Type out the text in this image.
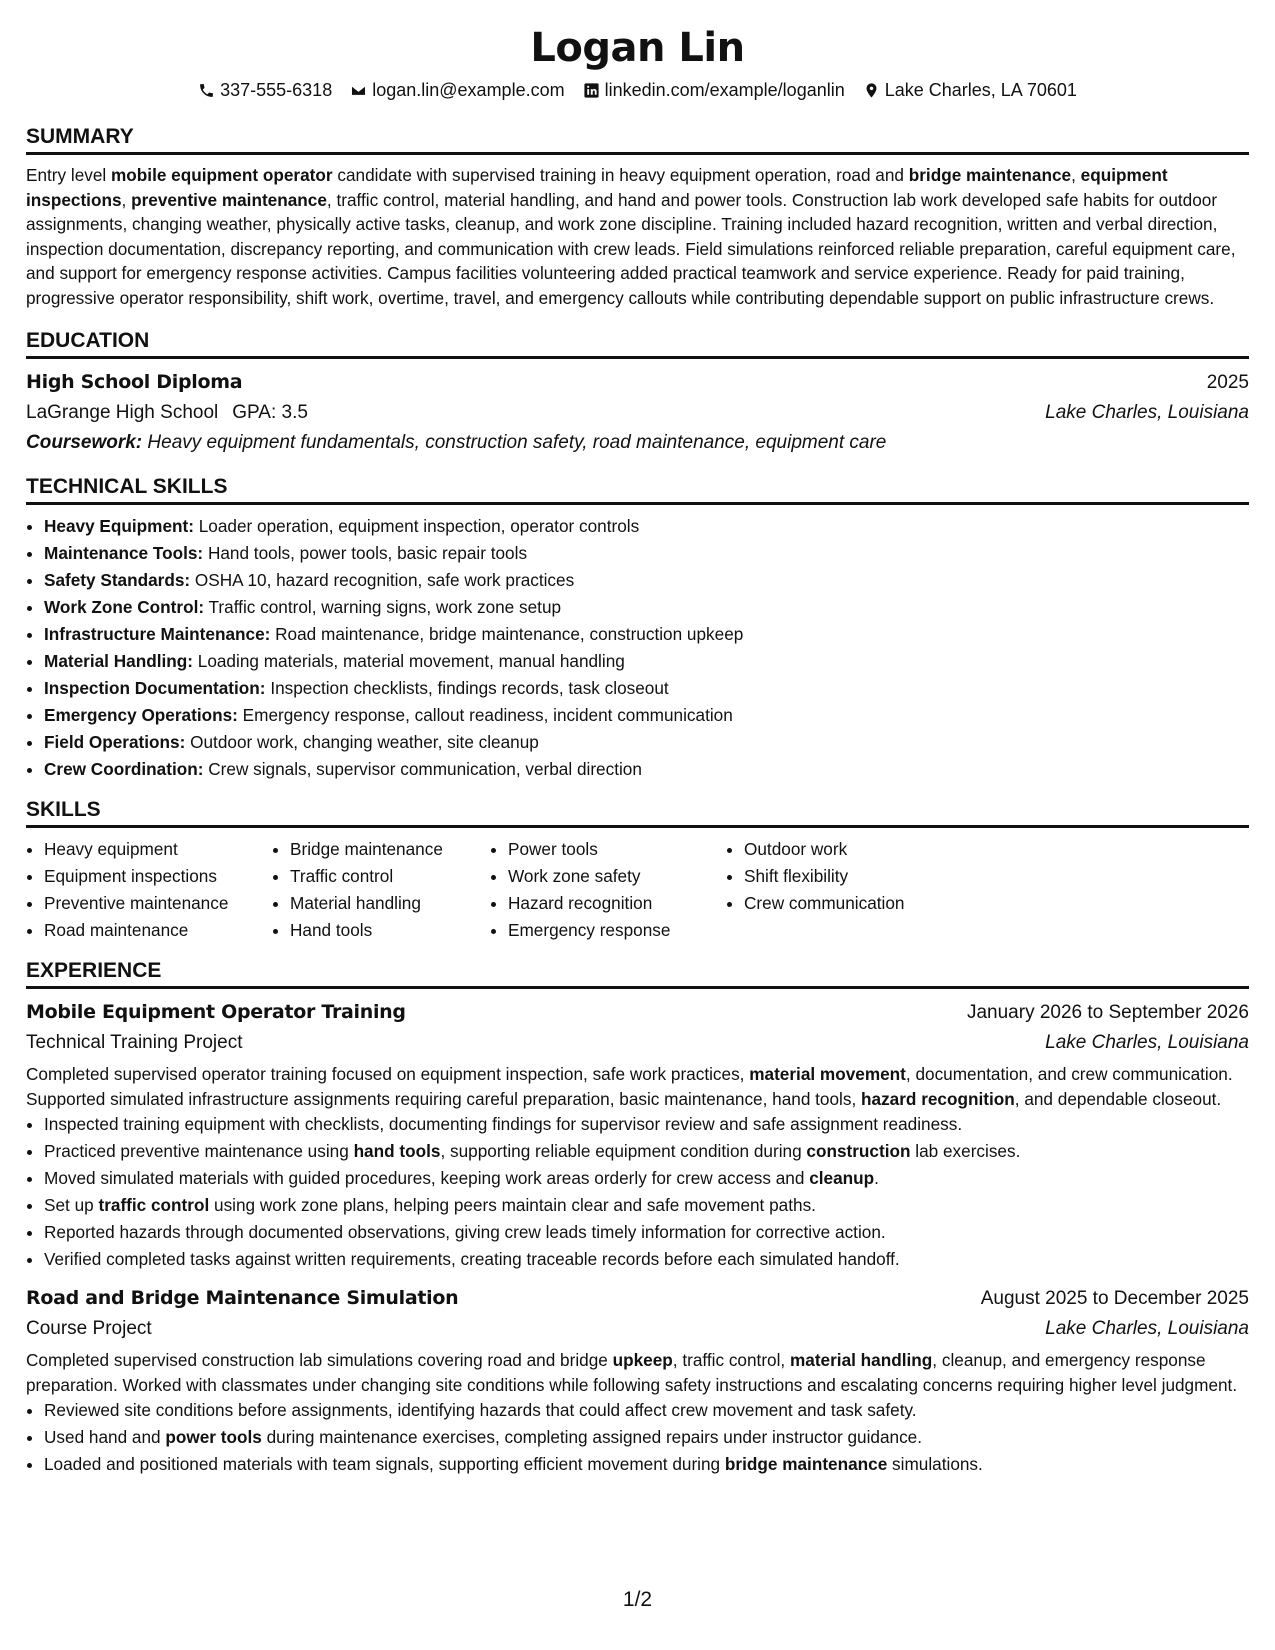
Logan Lin
337-555-6318 logan.lin@example.com linkedin.com/example/loganlin Lake Charles, LA 70601
SUMMARY
Entry level mobile equipment operator candidate with supervised training in heavy equipment operation, road and bridge maintenance, equipment inspections, preventive maintenance, traffic control, material handling, and hand and power tools. Construction lab work developed safe habits for outdoor assignments, changing weather, physically active tasks, cleanup, and work zone discipline. Training included hazard recognition, written and verbal direction, inspection documentation, discrepancy reporting, and communication with crew leads. Field simulations reinforced reliable preparation, careful equipment care, and support for emergency response activities. Campus facilities volunteering added practical teamwork and service experience. Ready for paid training, progressive operator responsibility, shift work, overtime, travel, and emergency callouts while contributing dependable support on public infrastructure crews.
EDUCATION
High School Diploma	2025
LaGrange High School GPA: 3.5	Lake Charles, Louisiana
Coursework: Heavy equipment fundamentals, construction safety, road maintenance, equipment care
TECHNICAL SKILLS
• Heavy Equipment: Loader operation, equipment inspection, operator controls
• Maintenance Tools: Hand tools, power tools, basic repair tools
• Safety Standards: OSHA 10, hazard recognition, safe work practices
• Work Zone Control: Traffic control, warning signs, work zone setup
• Infrastructure Maintenance: Road maintenance, bridge maintenance, construction upkeep
• Material Handling: Loading materials, material movement, manual handling
• Inspection Documentation: Inspection checklists, findings records, task closeout
• Emergency Operations: Emergency response, callout readiness, incident communication
• Field Operations: Outdoor work, changing weather, site cleanup
• Crew Coordination: Crew signals, supervisor communication, verbal direction
SKILLS
• Heavy equipment
• Equipment inspections
• Preventive maintenance
• Road maintenance
• Bridge maintenance
• Traffic control
• Material handling
• Hand tools
• Power tools
• Work zone safety
• Hazard recognition
• Emergency response
• Outdoor work
• Shift flexibility
• Crew communication
EXPERIENCE
Mobile Equipment Operator Training	January 2026 to September 2026
Technical Training Project	Lake Charles, Louisiana
Completed supervised operator training focused on equipment inspection, safe work practices, material movement, documentation, and crew communication. Supported simulated infrastructure assignments requiring careful preparation, basic maintenance, hand tools, hazard recognition, and dependable closeout.
• Inspected training equipment with checklists, documenting findings for supervisor review and safe assignment readiness.
• Practiced preventive maintenance using hand tools, supporting reliable equipment condition during construction lab exercises.
• Moved simulated materials with guided procedures, keeping work areas orderly for crew access and cleanup.
• Set up traffic control using work zone plans, helping peers maintain clear and safe movement paths.
• Reported hazards through documented observations, giving crew leads timely information for corrective action.
• Verified completed tasks against written requirements, creating traceable records before each simulated handoff.
Road and Bridge Maintenance Simulation	August 2025 to December 2025
Course Project	Lake Charles, Louisiana
Completed supervised construction lab simulations covering road and bridge upkeep, traffic control, material handling, cleanup, and emergency response preparation. Worked with classmates under changing site conditions while following safety instructions and escalating concerns requiring higher level judgment.
• Reviewed site conditions before assignments, identifying hazards that could affect crew movement and task safety.
• Used hand and power tools during maintenance exercises, completing assigned repairs under instructor guidance.
• Loaded and positioned materials with team signals, supporting efficient movement during bridge maintenance simulations.
1/2
